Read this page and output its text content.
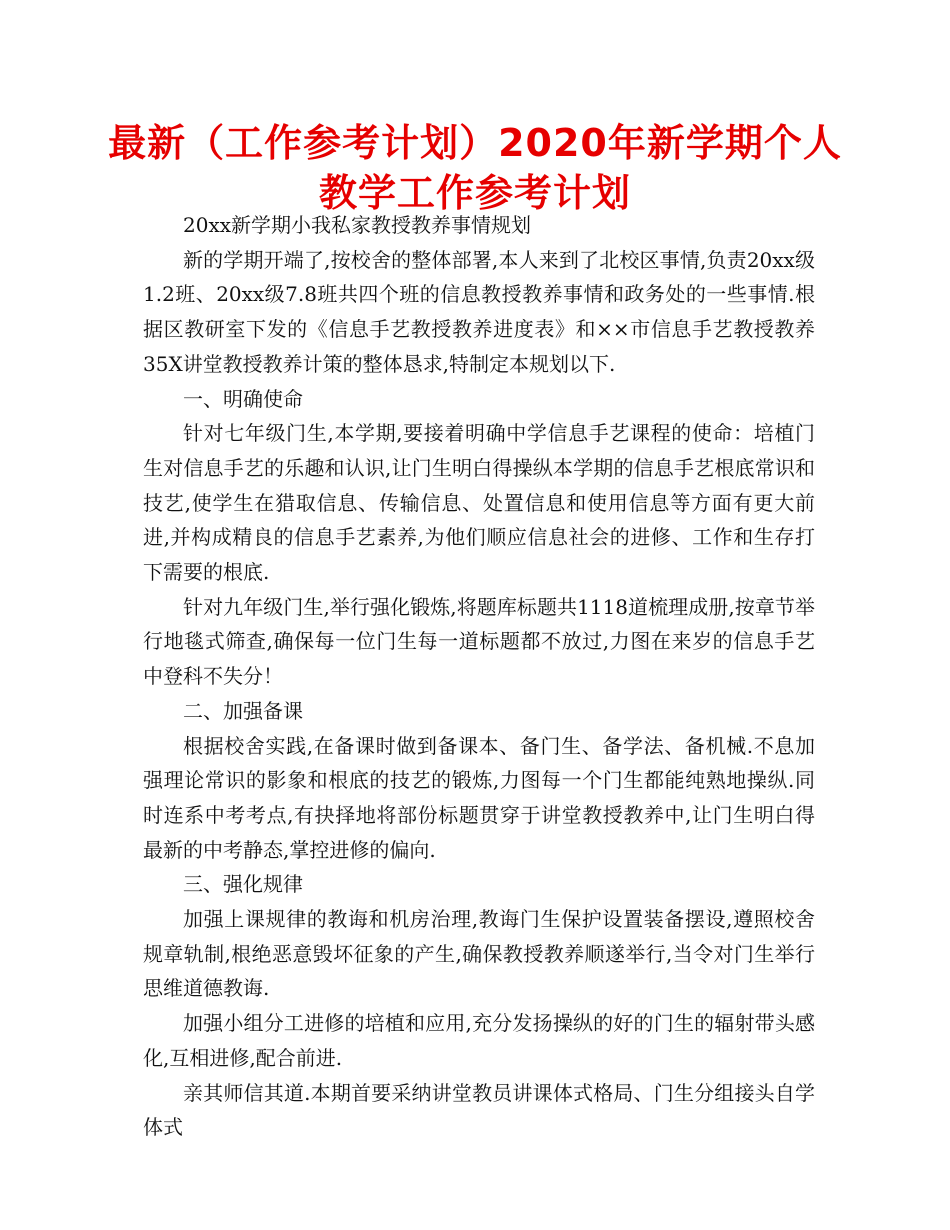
最新（工作参考计划）2020年新学期个人教学工作参考计划

20xx新学期小我私家教授教养事情规划

新的学期开端了,按校舍的整体部署,本人来到了北校区事情,负责20xx级1.2班、20xx级7.8班共四个班的信息教授教养事情和政务处的一些事情.根据区教研室下发的《信息手艺教授教养进度表》和××市信息手艺教授教养35X讲堂教授教养计策的整体恳求,特制定本规划以下.

一、明确使命

针对七年级门生,本学期,要接着明确中学信息手艺课程的使命：培植门生对信息手艺的乐趣和认识,让门生明白得操纵本学期的信息手艺根底常识和技艺,使学生在猎取信息、传输信息、处置信息和使用信息等方面有更大前进,并构成精良的信息手艺素养,为他们顺应信息社会的进修、工作和生存打下需要的根底.

针对九年级门生,举行强化锻炼,将题库标题共1118道梳理成册,按章节举行地毯式筛查,确保每一位门生每一道标题都不放过,力图在来岁的信息手艺中登科不失分！

二、加强备课

根据校舍实践,在备课时做到备课本、备门生、备学法、备机械.不息加强理论常识的影象和根底的技艺的锻炼,力图每一个门生都能纯熟地操纵.同时连系中考考点,有抉择地将部份标题贯穿于讲堂教授教养中,让门生明白得最新的中考静态,掌控进修的偏向.

三、强化规律

加强上课规律的教诲和机房治理,教诲门生保护设置装备摆设,遵照校舍规章轨制,根绝恶意毁坏征象的产生,确保教授教养顺遂举行,当令对门生举行思维道德教诲.

加强小组分工进修的培植和应用,充分发扬操纵的好的门生的辐射带头感化,互相进修,配合前进.

亲其师信其道.本期首要采纳讲堂教员讲课体式格局、门生分组接头自学体式
